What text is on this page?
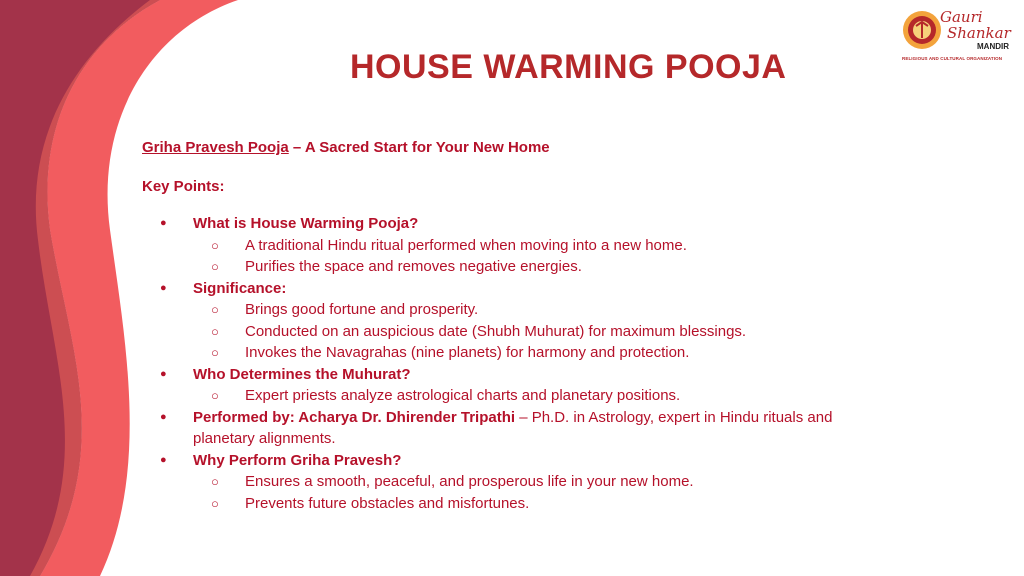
Gauri
Shankar
MANDIR
RELIGIOUS AND CULTURAL ORGANIZATION
HOUSE WARMING POOJA

Griha Pravesh Pooja – A Sacred Start for Your New Home

Key Points:

● What is House Warming Pooja?
○ A traditional Hindu ritual performed when moving into a new home.
○ Purifies the space and removes negative energies.
● Significance:
○ Brings good fortune and prosperity.
○ Conducted on an auspicious date (Shubh Muhurat) for maximum blessings.
○ Invokes the Navagrahas (nine planets) for harmony and protection.
● Who Determines the Muhurat?
○ Expert priests analyze astrological charts and planetary positions.
● Performed by: Acharya Dr. Dhirender Tripathi – Ph.D. in Astrology, expert in Hindu rituals and planetary alignments.
● Why Perform Griha Pravesh?
○ Ensures a smooth, peaceful, and prosperous life in your new home.
○ Prevents future obstacles and misfortunes.
